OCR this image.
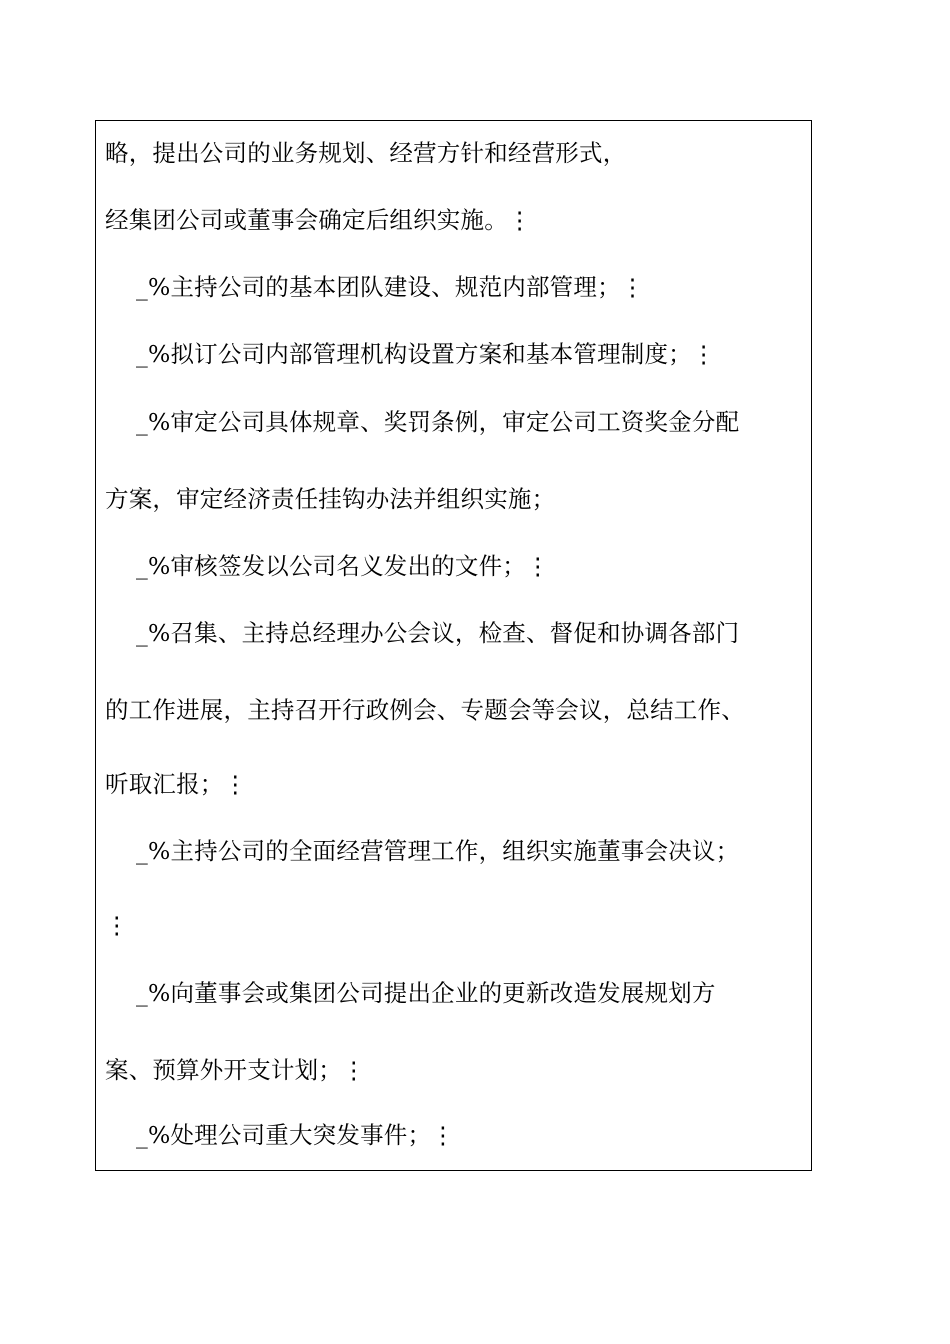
略，提出公司的业务规划、经营方针和经营形式，
经集团公司或董事会确定后组织实施。⋮
_%主持公司的基本团队建设、规范内部管理；⋮
_%拟订公司内部管理机构设置方案和基本管理制度；⋮
_%审定公司具体规章、奖罚条例，审定公司工资奖金分配
方案，审定经济责任挂钩办法并组织实施；
_%审核签发以公司名义发出的文件；⋮
_%召集、主持总经理办公会议，检查、督促和协调各部门
的工作进展，主持召开行政例会、专题会等会议，总结工作、
听取汇报；⋮
_%主持公司的全面经营管理工作，组织实施董事会决议；
⋮
_%向董事会或集团公司提出企业的更新改造发展规划方
案、预算外开支计划；⋮
_%处理公司重大突发事件；⋮
